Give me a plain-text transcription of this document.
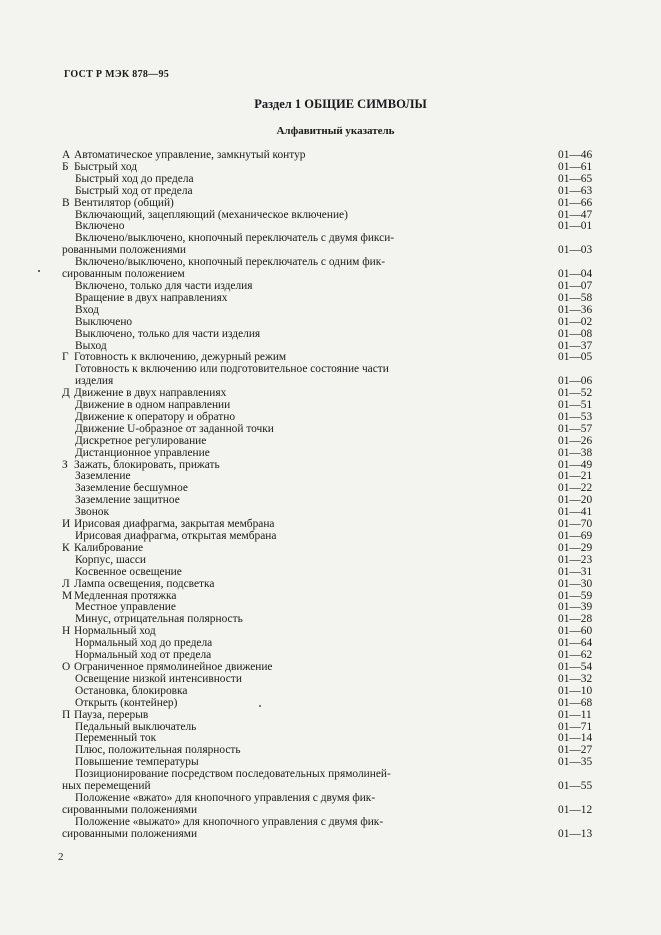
ГОСТ Р МЭК 878—95
Раздел 1 ОБЩИЕ СИМВОЛЫ
Алфавитный указатель
А Автоматическое управление, замкнутый контур	01—46
Б Быстрый ход	01—61
Быстрый ход до предела	01—65
Быстрый ход от предела	01—63
В Вентилятор (общий)	01—66
Включающий, зацепляющий (механическое включение)	01—47
Включено	01—01
Включено/выключено, кнопочный переключатель с двумя фикси-
рованными положениями	01—03
Включено/выключено, кнопочный переключатель с одним фик-
сированным положением	01—04
Включено, только для части изделия	01—07
Вращение в двух направлениях	01—58
Вход	01—36
Выключено	01—02
Выключено, только для части изделия	01—08
Выход	01—37
Г Готовность к включению, дежурный режим	01—05
Готовность к включению или подготовительное состояние части
изделия	01—06
Д Движение в двух направлениях	01—52
Движение в одном направлении	01—51
Движение к оператору и обратно	01—53
Движение U-образное от заданной точки	01—57
Дискретное регулирование	01—26
Дистанционное управление	01—38
З Зажать, блокировать, прижать	01—49
Заземление	01—21
Заземление бесшумное	01—22
Заземление защитное	01—20
Звонок	01—41
И Ирисовая диафрагма, закрытая мембрана	01—70
Ирисовая диафрагма, открытая мембрана	01—69
К Калибрование	01—29
Корпус, шасси	01—23
Косвенное освещение	01—31
Л Лампа освещения, подсветка	01—30
М Медленная протяжка	01—59
Местное управление	01—39
Минус, отрицательная полярность	01—28
Н Нормальный ход	01—60
Нормальный ход до предела	01—64
Нормальный ход от предела	01—62
О Ограниченное прямолинейное движение	01—54
Освещение низкой интенсивности	01—32
Остановка, блокировка	01—10
Открыть (контейнер)	01—68
П Пауза, перерыв	01—11
Педальный выключатель	01—71
Переменный ток	01—14
Плюс, положительная полярность	01—27
Повышение температуры	01—35
Позиционирование посредством последовательных прямолиней-
ных перемещений	01—55
Положение «вжато» для кнопочного управления с двумя фик-
сированными положениями	01—12
Положение «выжато» для кнопочного управления с двумя фик-
сированными положениями	01—13
2
